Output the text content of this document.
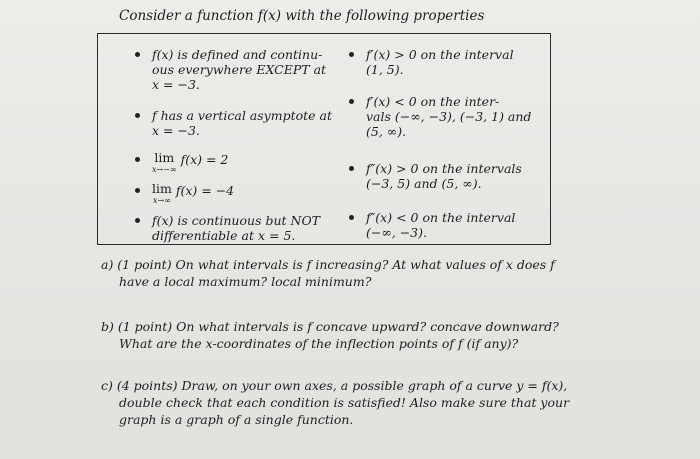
Consider a function f(x) with the following properties
f(x) is defined and continu-
ous everywhere EXCEPT at
x = −3.
f has a vertical asymptote at
x = −3.
lim
x→−∞
f(x) = 2
lim
x→∞
f(x) = −4
f(x) is continuous but NOT
differentiable at x = 5.
f′(x) > 0 on the interval
(1, 5).
f′(x) < 0 on the inter-
vals (−∞, −3), (−3, 1) and
(5, ∞).
f″(x) > 0 on the intervals
(−3, 5) and (5, ∞).
f″(x) < 0 on the interval
(−∞, −3).
a) (1 point) On what intervals is f increasing? At what values of x does f
have a local maximum? local minimum?
b) (1 point) On what intervals is f concave upward? concave downward?
What are the x-coordinates of the inflection points of f (if any)?
c) (4 points) Draw, on your own axes, a possible graph of a curve y = f(x),
double check that each condition is satisfied! Also make sure that your
graph is a graph of a single function.
